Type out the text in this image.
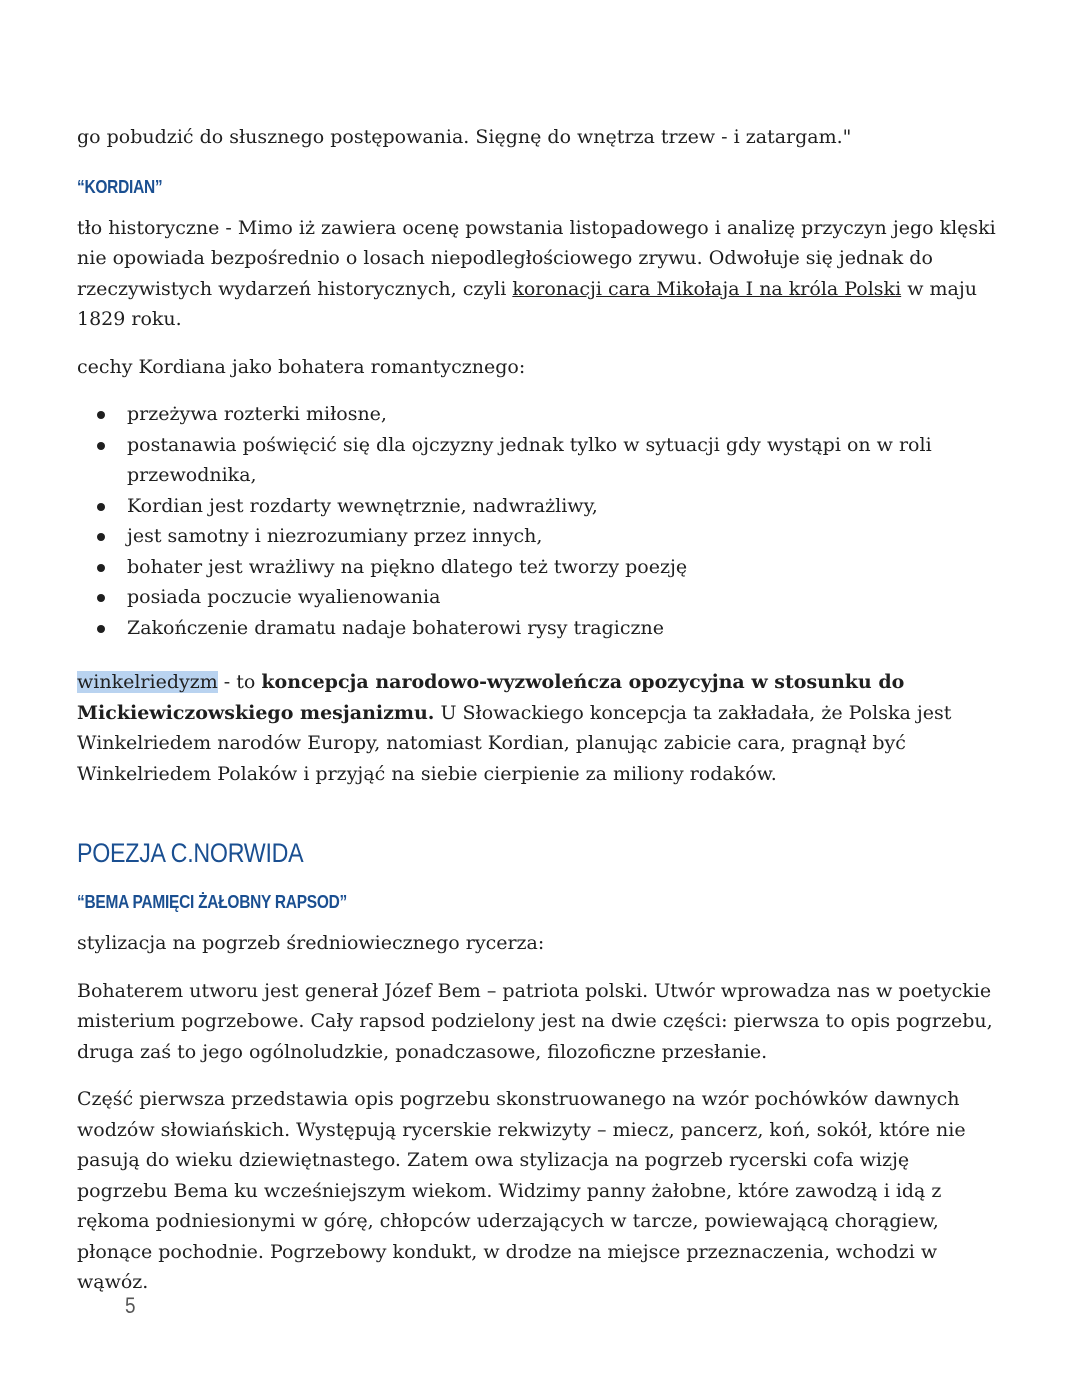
go pobudzić do słusznego postępowania. Sięgnę do wnętrza trzew - i zatargam."

“KORDIAN”

tło historyczne - Mimo iż zawiera ocenę powstania listopadowego i analizę przyczyn jego klęski nie opowiada bezpośrednio o losach niepodległościowego zrywu. Odwołuje się jednak do rzeczywistych wydarzeń historycznych, czyli koronacji cara Mikołaja I na króla Polski w maju 1829 roku.

cechy Kordiana jako bohatera romantycznego:

przeżywa rozterki miłosne,
postanawia poświęcić się dla ojczyzny jednak tylko w sytuacji gdy wystąpi on w roli przewodnika,
Kordian jest rozdarty wewnętrznie, nadwrażliwy,
jest samotny i niezrozumiany przez innych,
bohater jest wrażliwy na piękno dlatego też tworzy poezję
posiada poczucie wyalienowania
Zakończenie dramatu nadaje bohaterowi rysy tragiczne

winkelriedyzm - to koncepcja narodowo-wyzwoleńcza opozycyjna w stosunku do Mickiewiczowskiego mesjanizmu. U Słowackiego koncepcja ta zakładała, że Polska jest Winkelriedem narodów Europy, natomiast Kordian, planując zabicie cara, pragnął być Winkelriedem Polaków i przyjąć na siebie cierpienie za miliony rodaków.

POEZJA C.NORWIDA
“BEMA PAMIĘCI ŻAŁOBNY RAPSOD”

stylizacja na pogrzeb średniowiecznego rycerza:

Bohaterem utworu jest generał Józef Bem – patriota polski. Utwór wprowadza nas w poetyckie misterium pogrzebowe. Cały rapsod podzielony jest na dwie części: pierwsza to opis pogrzebu, druga zaś to jego ogólnoludzkie, ponadczasowe, filozoficzne przesłanie.

Część pierwsza przedstawia opis pogrzebu skonstruowanego na wzór pochówków dawnych wodzów słowiańskich. Występują rycerskie rekwizyty – miecz, pancerz, koń, sokół, które nie pasują do wieku dziewiętnastego. Zatem owa stylizacja na pogrzeb rycerski cofa wizję pogrzebu Bema ku wcześniejszym wiekom. Widzimy panny żałobne, które zawodzą i idą z rękoma podniesionymi w górę, chłopców uderzających w tarcze, powiewającą chorągiew, płonące pochodnie. Pogrzebowy kondukt, w drodze na miejsce przeznaczenia, wchodzi w wąwóz.

5
